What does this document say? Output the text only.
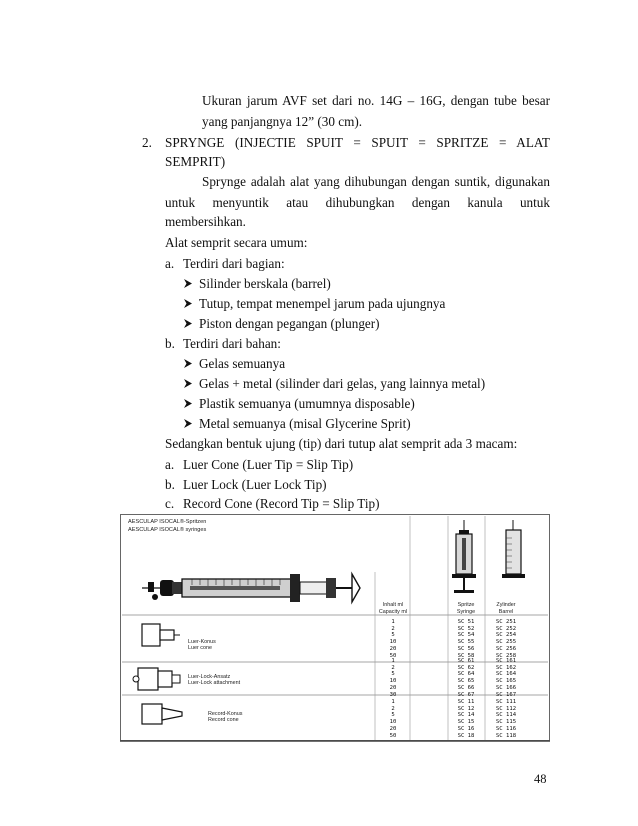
Ukuran jarum AVF set dari no. 14G – 16G, dengan tube besar
yang panjangnya 12” (30 cm).
2. SPRYNGE (INJECTIE SPUIT = SPUIT = SPRITZE = ALAT
SEMPRIT)
Sprynge adalah alat yang dihubungan dengan suntik, digunakan
untuk menyuntik atau dihubungkan dengan kanula untuk
membersihkan.
Alat semprit secara umum:
a. Terdiri dari bagian:
Silinder berskala (barrel)
Tutup, tempat menempel jarum pada ujungnya
Piston dengan pegangan (plunger)
b. Terdiri dari bahan:
Gelas semuanya
Gelas + metal (silinder dari gelas, yang lainnya metal)
Plastik semuanya (umumnya disposable)
Metal semuanya (misal Glycerine Sprit)
Sedangkan bentuk ujung (tip) dari tutup alat semprit ada 3 macam:
a. Luer Cone (Luer Tip = Slip Tip)
b. Luer Lock (Luer Lock Tip)
c. Record Cone (Record Tip = Slip Tip)
AESCULAP ISOCAL®-Spritzen
AESCULAP ISOCAL® syringes
Inhalt ml
Capacity ml
Spritze
Syringe
Zylinder
Barrel
Luer-Konus
Luer cone
1
2
5
10
20
50
SC 51
SC 52
SC 54
SC 55
SC 56
SC 58
SC 251
SC 252
SC 254
SC 255
SC 256
SC 258
Luer-Lock-Ansatz
Luer-Lock attachment
1
2
5
10
20
30
SC 61
SC 62
SC 64
SC 65
SC 66
SC 67
SC 161
SC 162
SC 164
SC 165
SC 166
SC 167
Record-Konus
Record cone
1
2
5
10
20
50
SC 11
SC 12
SC 14
SC 15
SC 16
SC 18
SC 111
SC 112
SC 114
SC 115
SC 116
SC 118
48
